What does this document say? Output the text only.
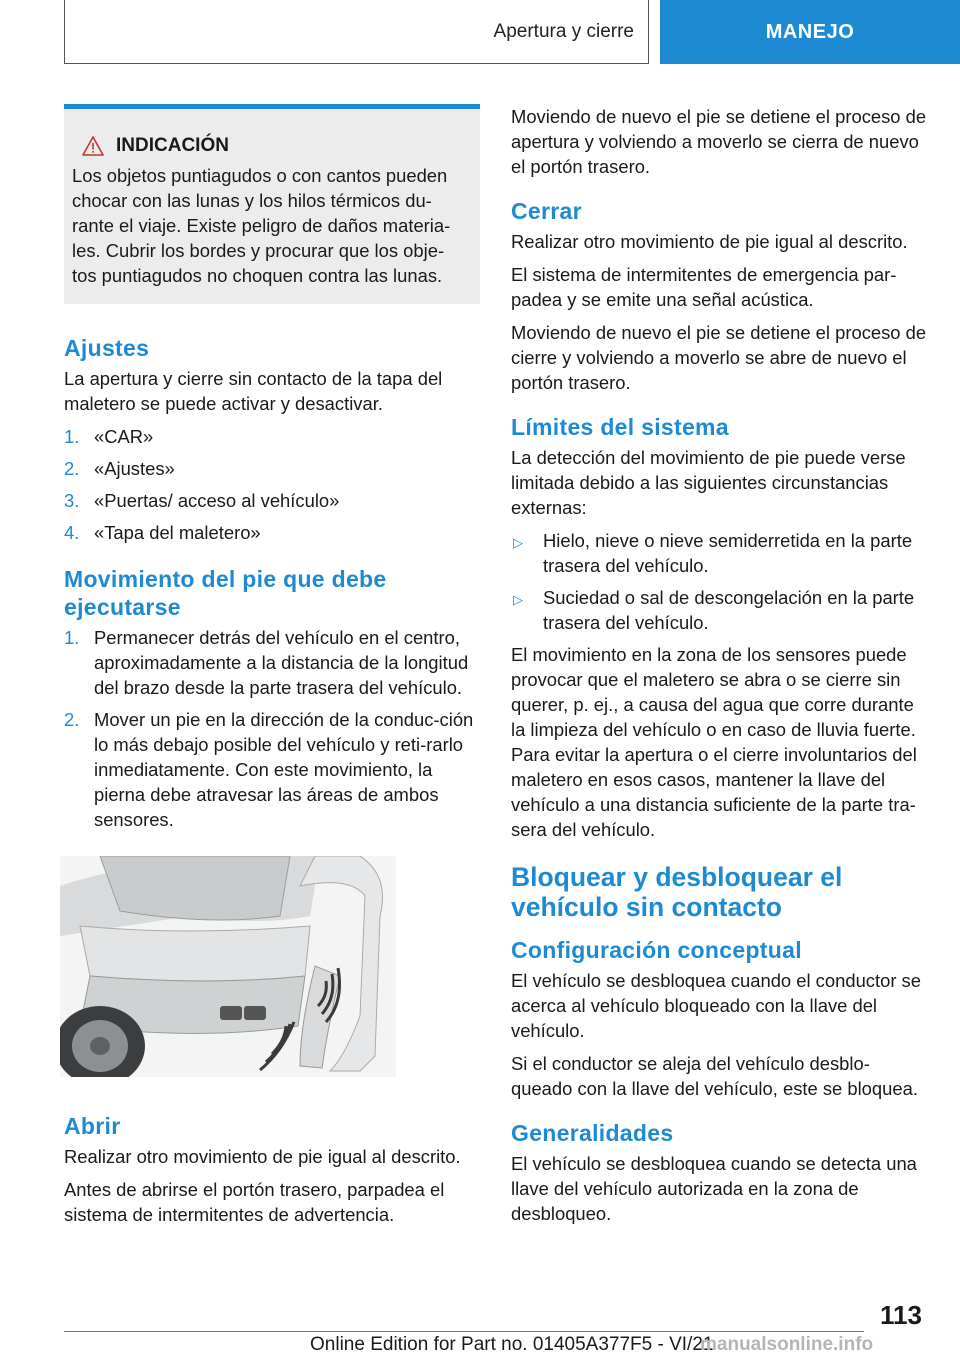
Apertura y cierre	MANEJO
INDICACIÓN

Los objetos puntiagudos o con cantos pueden chocar con las lunas y los hilos térmicos du-rante el viaje. Existe peligro de daños materia-les. Cubrir los bordes y procurar que los obje-tos puntiagudos no choquen contra las lunas.

Ajustes

La apertura y cierre sin contacto de la tapa del maletero se puede activar y desactivar.

1. «CAR»
2. «Ajustes»
3. «Puertas/ acceso al vehículo»
4. «Tapa del maletero»
Movimiento del pie que debe ejecutarse
1. Permanecer detrás del vehículo en el centro, aproximadamente a la distancia de la longitud del brazo desde la parte trasera del vehículo.
2. Mover un pie en la dirección de la conduc-ción lo más debajo posible del vehículo y reti-rarlo inmediatamente. Con este movimiento, la pierna debe atravesar las áreas de ambos sensores.
Abrir

Realizar otro movimiento de pie igual al descrito.

Antes de abrirse el portón trasero, parpadea el sistema de intermitentes de advertencia.

Moviendo de nuevo el pie se detiene el proceso de apertura y volviendo a moverlo se cierra de nuevo el portón trasero.

Cerrar

Realizar otro movimiento de pie igual al descrito.

El sistema de intermitentes de emergencia par-padea y se emite una señal acústica.

Moviendo de nuevo el pie se detiene el proceso de cierre y volviendo a moverlo se abre de nuevo el portón trasero.

Límites del sistema

La detección del movimiento de pie puede verse limitada debido a las siguientes circunstancias externas:

▷	Hielo, nieve o nieve semiderretida en la parte trasera del vehículo.
▷	Suciedad o sal de descongelación en la parte trasera del vehículo.

El movimiento en la zona de los sensores puede provocar que el maletero se abra o se cierre sin querer, p. ej., a causa del agua que corre durante la limpieza del vehículo o en caso de lluvia fuerte. Para evitar la apertura o el cierre involuntarios del maletero en esos casos, mantener la llave del vehículo a una distancia suficiente de la parte tra-sera del vehículo.

Bloquear y desbloquear el vehículo sin contacto
Configuración conceptual

El vehículo se desbloquea cuando el conductor se acerca al vehículo bloqueado con la llave del vehículo.

Si el conductor se aleja del vehículo desblo-queado con la llave del vehículo, este se bloquea.

Generalidades

El vehículo se desbloquea cuando se detecta una llave del vehículo autorizada en la zona de desbloqueo.

113
Online Edition for Part no. 01405A377F5 - VI/21
manualsonline.info
